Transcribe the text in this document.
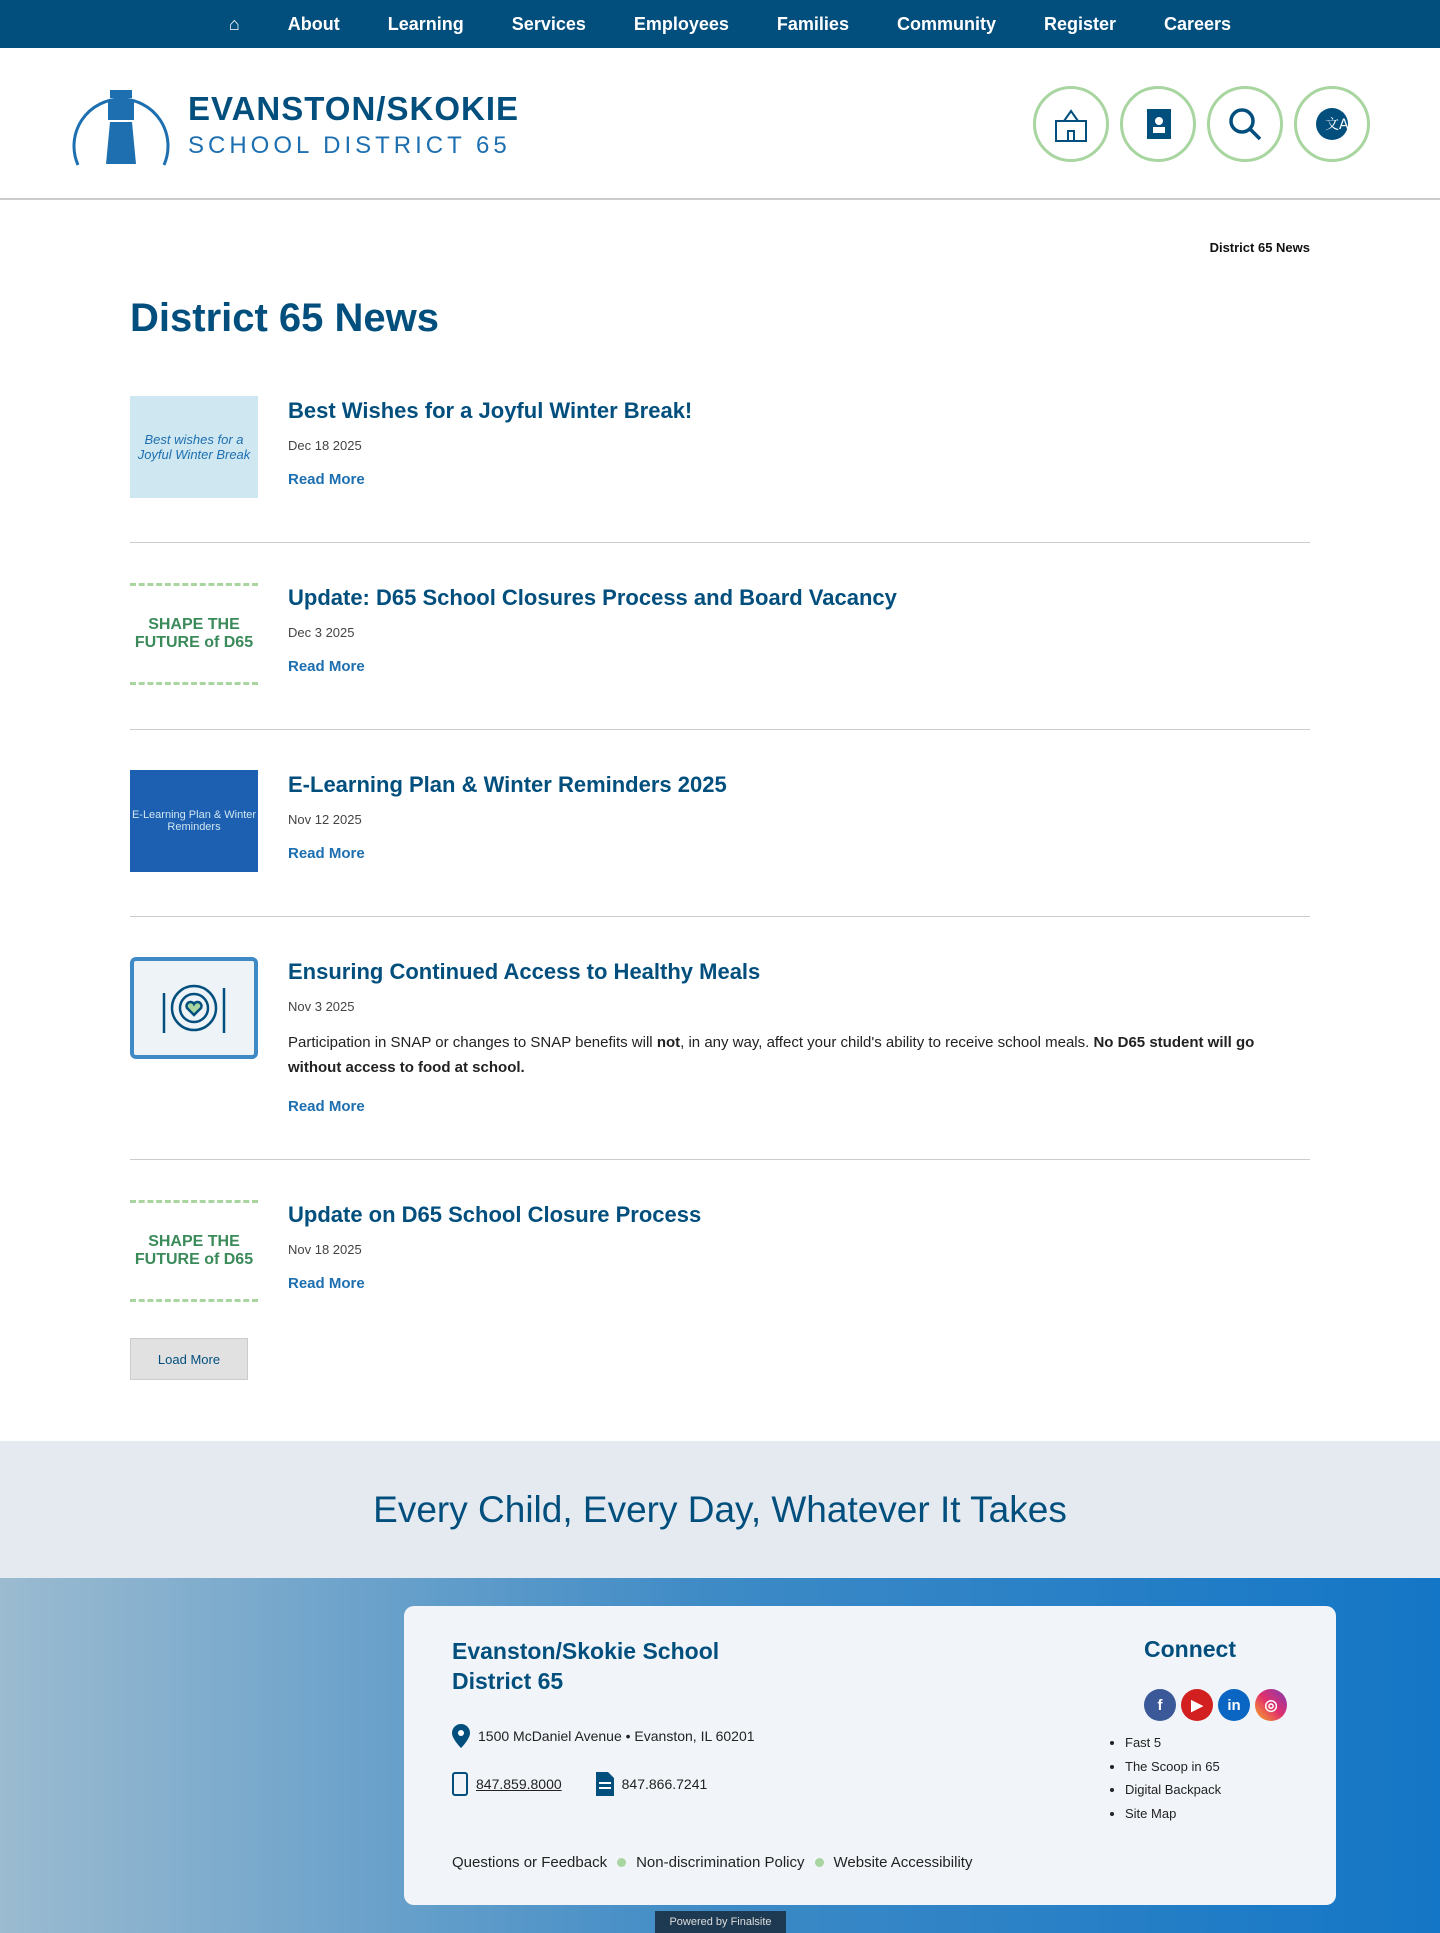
⌂	About	Learning	Services	Employees	Families	Community	Register	Careers
EVANSTON/SKOKIE
SCHOOL DISTRICT 65
文A
District 65 News
District 65 News
Best wishes for a Joyful Winter Break
Best Wishes for a Joyful Winter Break!
Dec 18 2025
Read More
SHAPE THE FUTURE of D65
Update: D65 School Closures Process and Board Vacancy
Dec 3 2025
Read More
E-Learning Plan & Winter Reminders
E-Learning Plan & Winter Reminders 2025
Nov 12 2025
Read More
Ensuring Continued Access to Healthy Meals
Nov 3 2025

Participation in SNAP or changes to SNAP benefits will not, in any way, affect your child's ability to receive school meals. No D65 student will go without access to food at school.

Read More
SHAPE THE FUTURE of D65
Update on D65 School Closure Process
Nov 18 2025
Read More
Load More
Every Child, Every Day, Whatever It Takes
Evanston/Skokie School District 65
1500 McDaniel Avenue • Evanston, IL 60201
847.859.8000	847.866.7241
Questions or Feedback Non-discrimination Policy Website Accessibility
Connect
f	▶	in	◎
• Fast 5
• The Scoop in 65
• Digital Backpack
• Site Map
Powered by Finalsite
